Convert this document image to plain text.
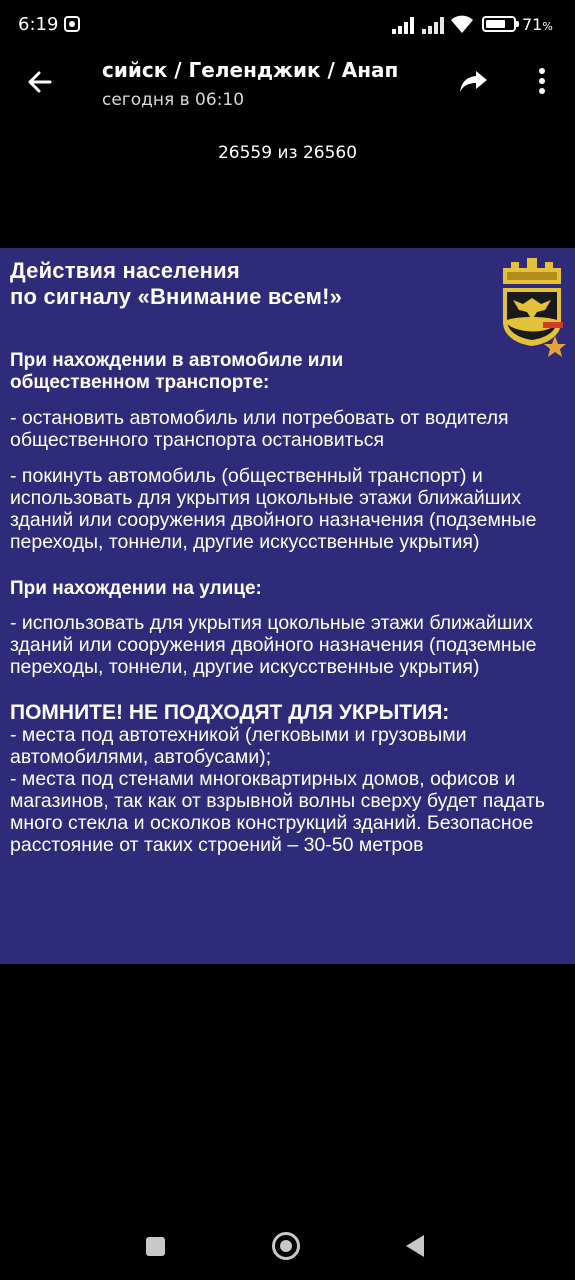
6:19	71%
сийск / Геленджик / Анап
сегодня в 06:10
26559 из 26560
Действия населения
по сигналу «Внимание всем!»
При нахождении в автомобиле или общественном транспорте:
- остановить автомобиль или потребовать от водителя общественного транспорта остановиться
- покинуть автомобиль (общественный транспорт) и использовать для укрытия цокольные этажи ближайших зданий или сооружения двойного назначения (подземные переходы, тоннели, другие искусственные укрытия)
При нахождении на улице:
- использовать для укрытия цокольные этажи ближайших зданий или сооружения двойного назначения (подземные переходы, тоннели, другие искусственные укрытия)
ПОМНИТЕ! НЕ ПОДХОДЯТ ДЛЯ УКРЫТИЯ:
- места под автотехникой (легковыми и грузовыми автомобилями, автобусами);
- места под стенами многоквартирных домов, офисов и магазинов, так как от взрывной волны сверху будет падать много стекла и осколков конструкций зданий. Безопасное расстояние от таких строений – 30-50 метров
